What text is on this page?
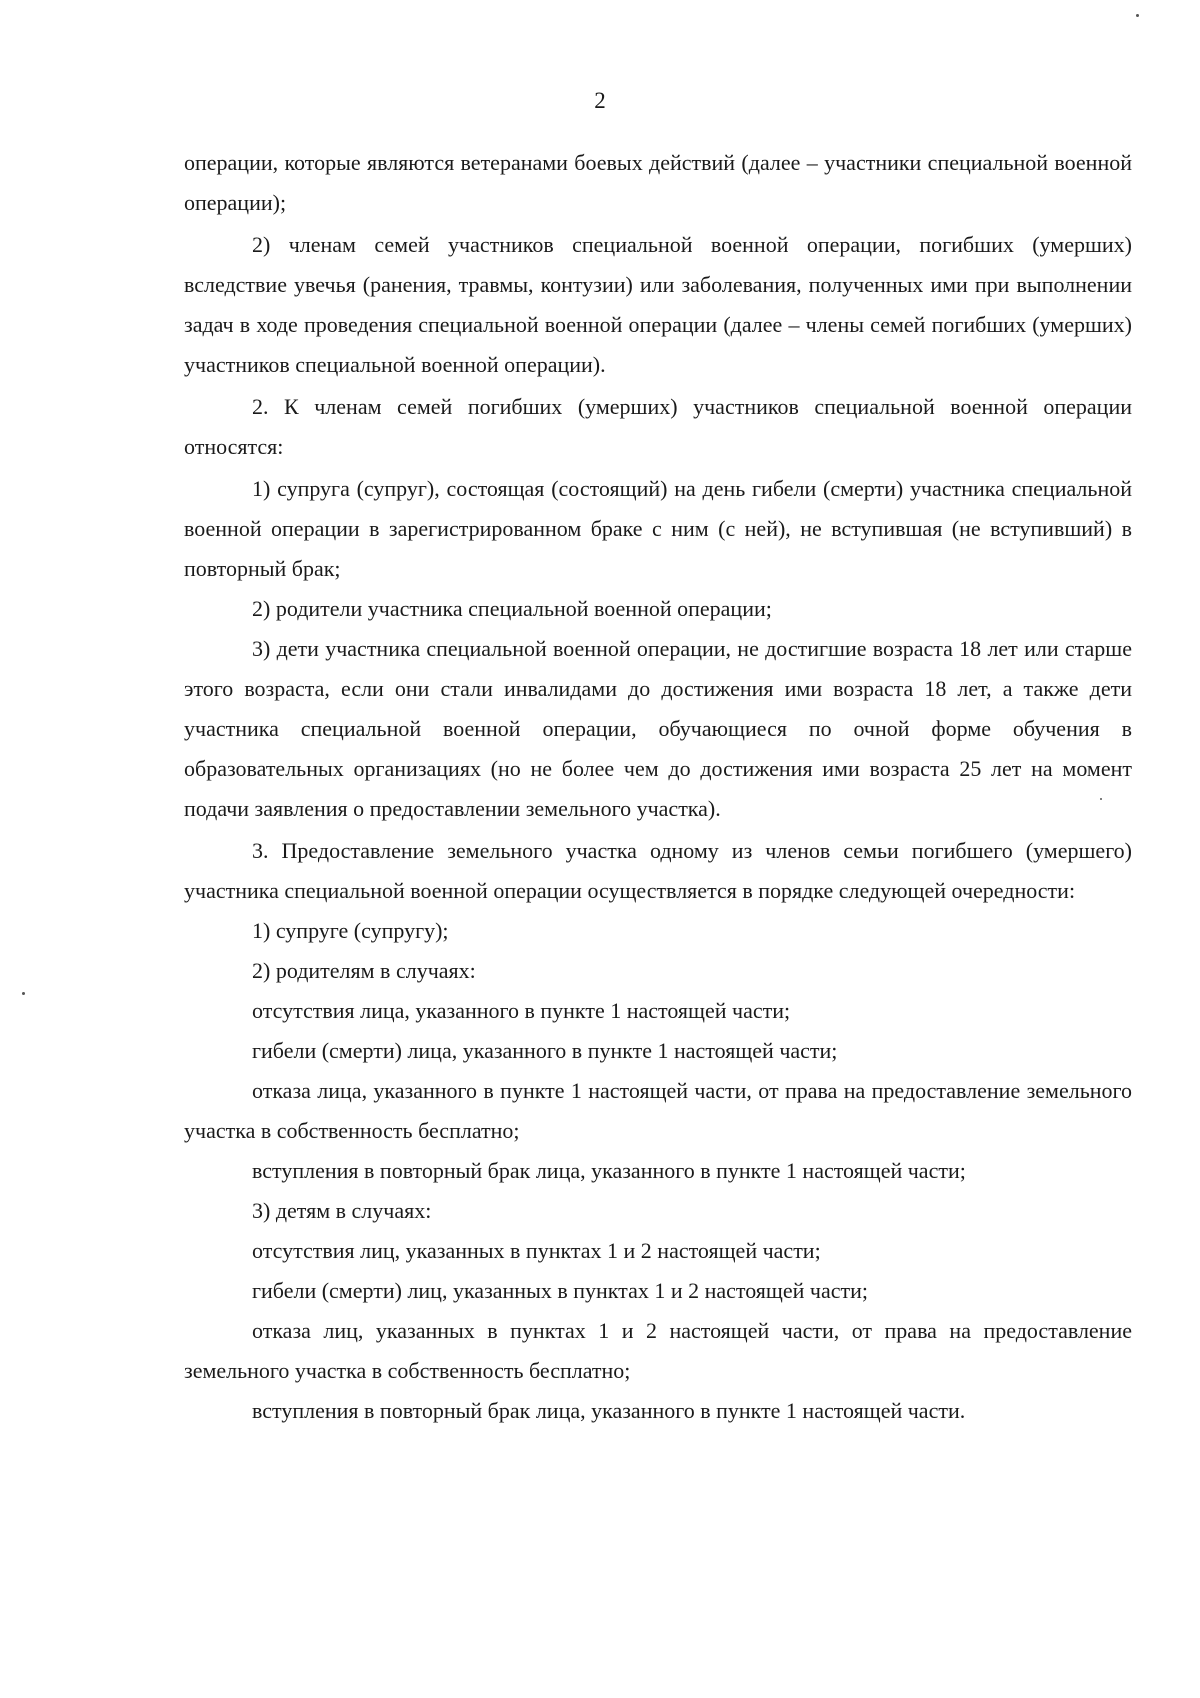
2

операции, которые являются ветеранами боевых действий (далее – участники специальной военной операции);

2) членам семей участников специальной военной операции, погибших (умерших) вследствие увечья (ранения, травмы, контузии) или заболевания, полученных ими при выполнении задач в ходе проведения специальной военной операции (далее – члены семей погибших (умерших) участников специальной военной операции).

2. К членам семей погибших (умерших) участников специальной военной операции относятся:

1) супруга (супруг), состоящая (состоящий) на день гибели (смерти) участника специальной военной операции в зарегистрированном браке с ним (с ней), не вступившая (не вступивший) в повторный брак;

2) родители участника специальной военной операции;

3) дети участника специальной военной операции, не достигшие возраста 18 лет или старше этого возраста, если они стали инвалидами до достижения ими возраста 18 лет, а также дети участника специальной военной операции, обучающиеся по очной форме обучения в образовательных организациях (но не более чем до достижения ими возраста 25 лет на момент подачи заявления о предоставлении земельного участка).

3. Предоставление земельного участка одному из членов семьи погибшего (умершего) участника специальной военной операции осуществляется в порядке следующей очередности:

1) супруге (супругу);

2) родителям в случаях:

отсутствия лица, указанного в пункте 1 настоящей части;

гибели (смерти) лица, указанного в пункте 1 настоящей части;

отказа лица, указанного в пункте 1 настоящей части, от права на предоставление земельного участка в собственность бесплатно;

вступления в повторный брак лица, указанного в пункте 1 настоящей части;

3) детям в случаях:

отсутствия лиц, указанных в пунктах 1 и 2 настоящей части;

гибели (смерти) лиц, указанных в пунктах 1 и 2 настоящей части;

отказа лиц, указанных в пунктах 1 и 2 настоящей части, от права на предоставление земельного участка в собственность бесплатно;

вступления в повторный брак лица, указанного в пункте 1 настоящей части.
